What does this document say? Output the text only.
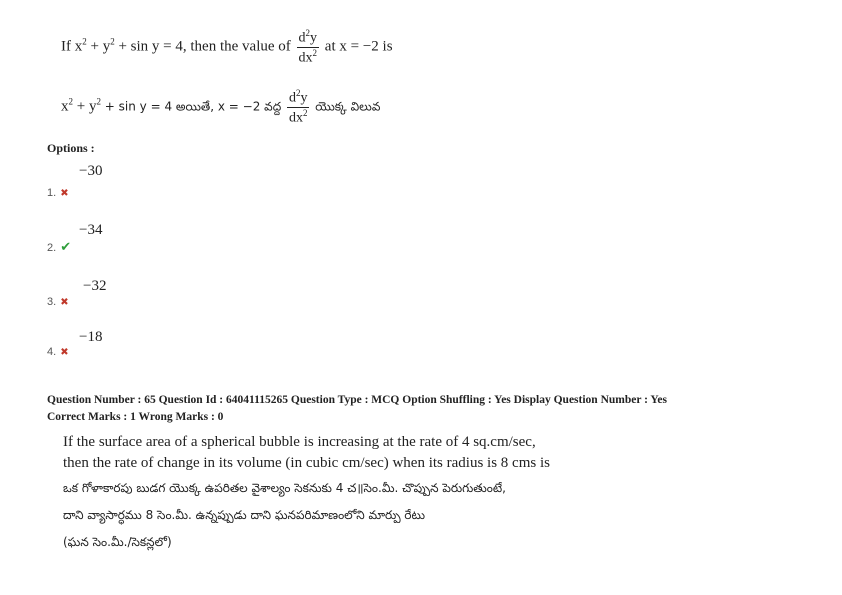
If $x^2 + y^2 + \sin y = 4$, then the value of $\frac{d^2y}{dx^2}$ at x = −2 is
$x^2 + y^2 + \sin y = 4$ అయితే, x = −2 వద్ద $\frac{d^2y}{dx^2}$ యొక్క విలువ
Options :
−30
1. ✖
−34
2. ✔
−32
3. ✖
−18
4. ✖
Question Number : 65 Question Id : 64041115265 Question Type : MCQ Option Shuffling : Yes Display Question Number : Yes
Correct Marks : 1 Wrong Marks : 0
If the surface area of a spherical bubble is increasing at the rate of 4 sq.cm/sec,
then the rate of change in its volume (in cubic cm/sec) when its radius is 8 cms is
ఒక గోళాకారపు బుడగ యొక్క ఉపరితల వైశాల్యం సెకనుకు 4 చ॥సెం.మీ. చొప్పున పెరుగుతుంటే,
దాని వ్యాసార్ధము 8 సెం.మీ. ఉన్నప్పుడు దాని ఘనపరిమాణంలోని మార్పు రేటు
(ఘన సెం.మీ./సెకన్లలో)
